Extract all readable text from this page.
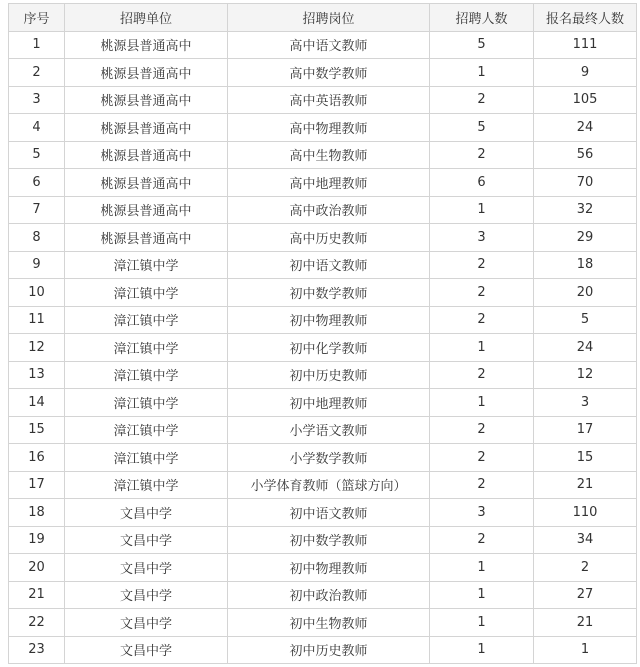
序号	招聘单位	招聘岗位	招聘人数	报名最终人数
1	桃源县普通高中	高中语文教师	5	111
2	桃源县普通高中	高中数学教师	1	9
3	桃源县普通高中	高中英语教师	2	105
4	桃源县普通高中	高中物理教师	5	24
5	桃源县普通高中	高中生物教师	2	56
6	桃源县普通高中	高中地理教师	6	70
7	桃源县普通高中	高中政治教师	1	32
8	桃源县普通高中	高中历史教师	3	29
9	漳江镇中学	初中语文教师	2	18
10	漳江镇中学	初中数学教师	2	20
11	漳江镇中学	初中物理教师	2	5
12	漳江镇中学	初中化学教师	1	24
13	漳江镇中学	初中历史教师	2	12
14	漳江镇中学	初中地理教师	1	3
15	漳江镇中学	小学语文教师	2	17
16	漳江镇中学	小学数学教师	2	15
17	漳江镇中学	小学体育教师（篮球方向）	2	21
18	文昌中学	初中语文教师	3	110
19	文昌中学	初中数学教师	2	34
20	文昌中学	初中物理教师	1	2
21	文昌中学	初中政治教师	1	27
22	文昌中学	初中生物教师	1	21
23	文昌中学	初中历史教师	1	1
